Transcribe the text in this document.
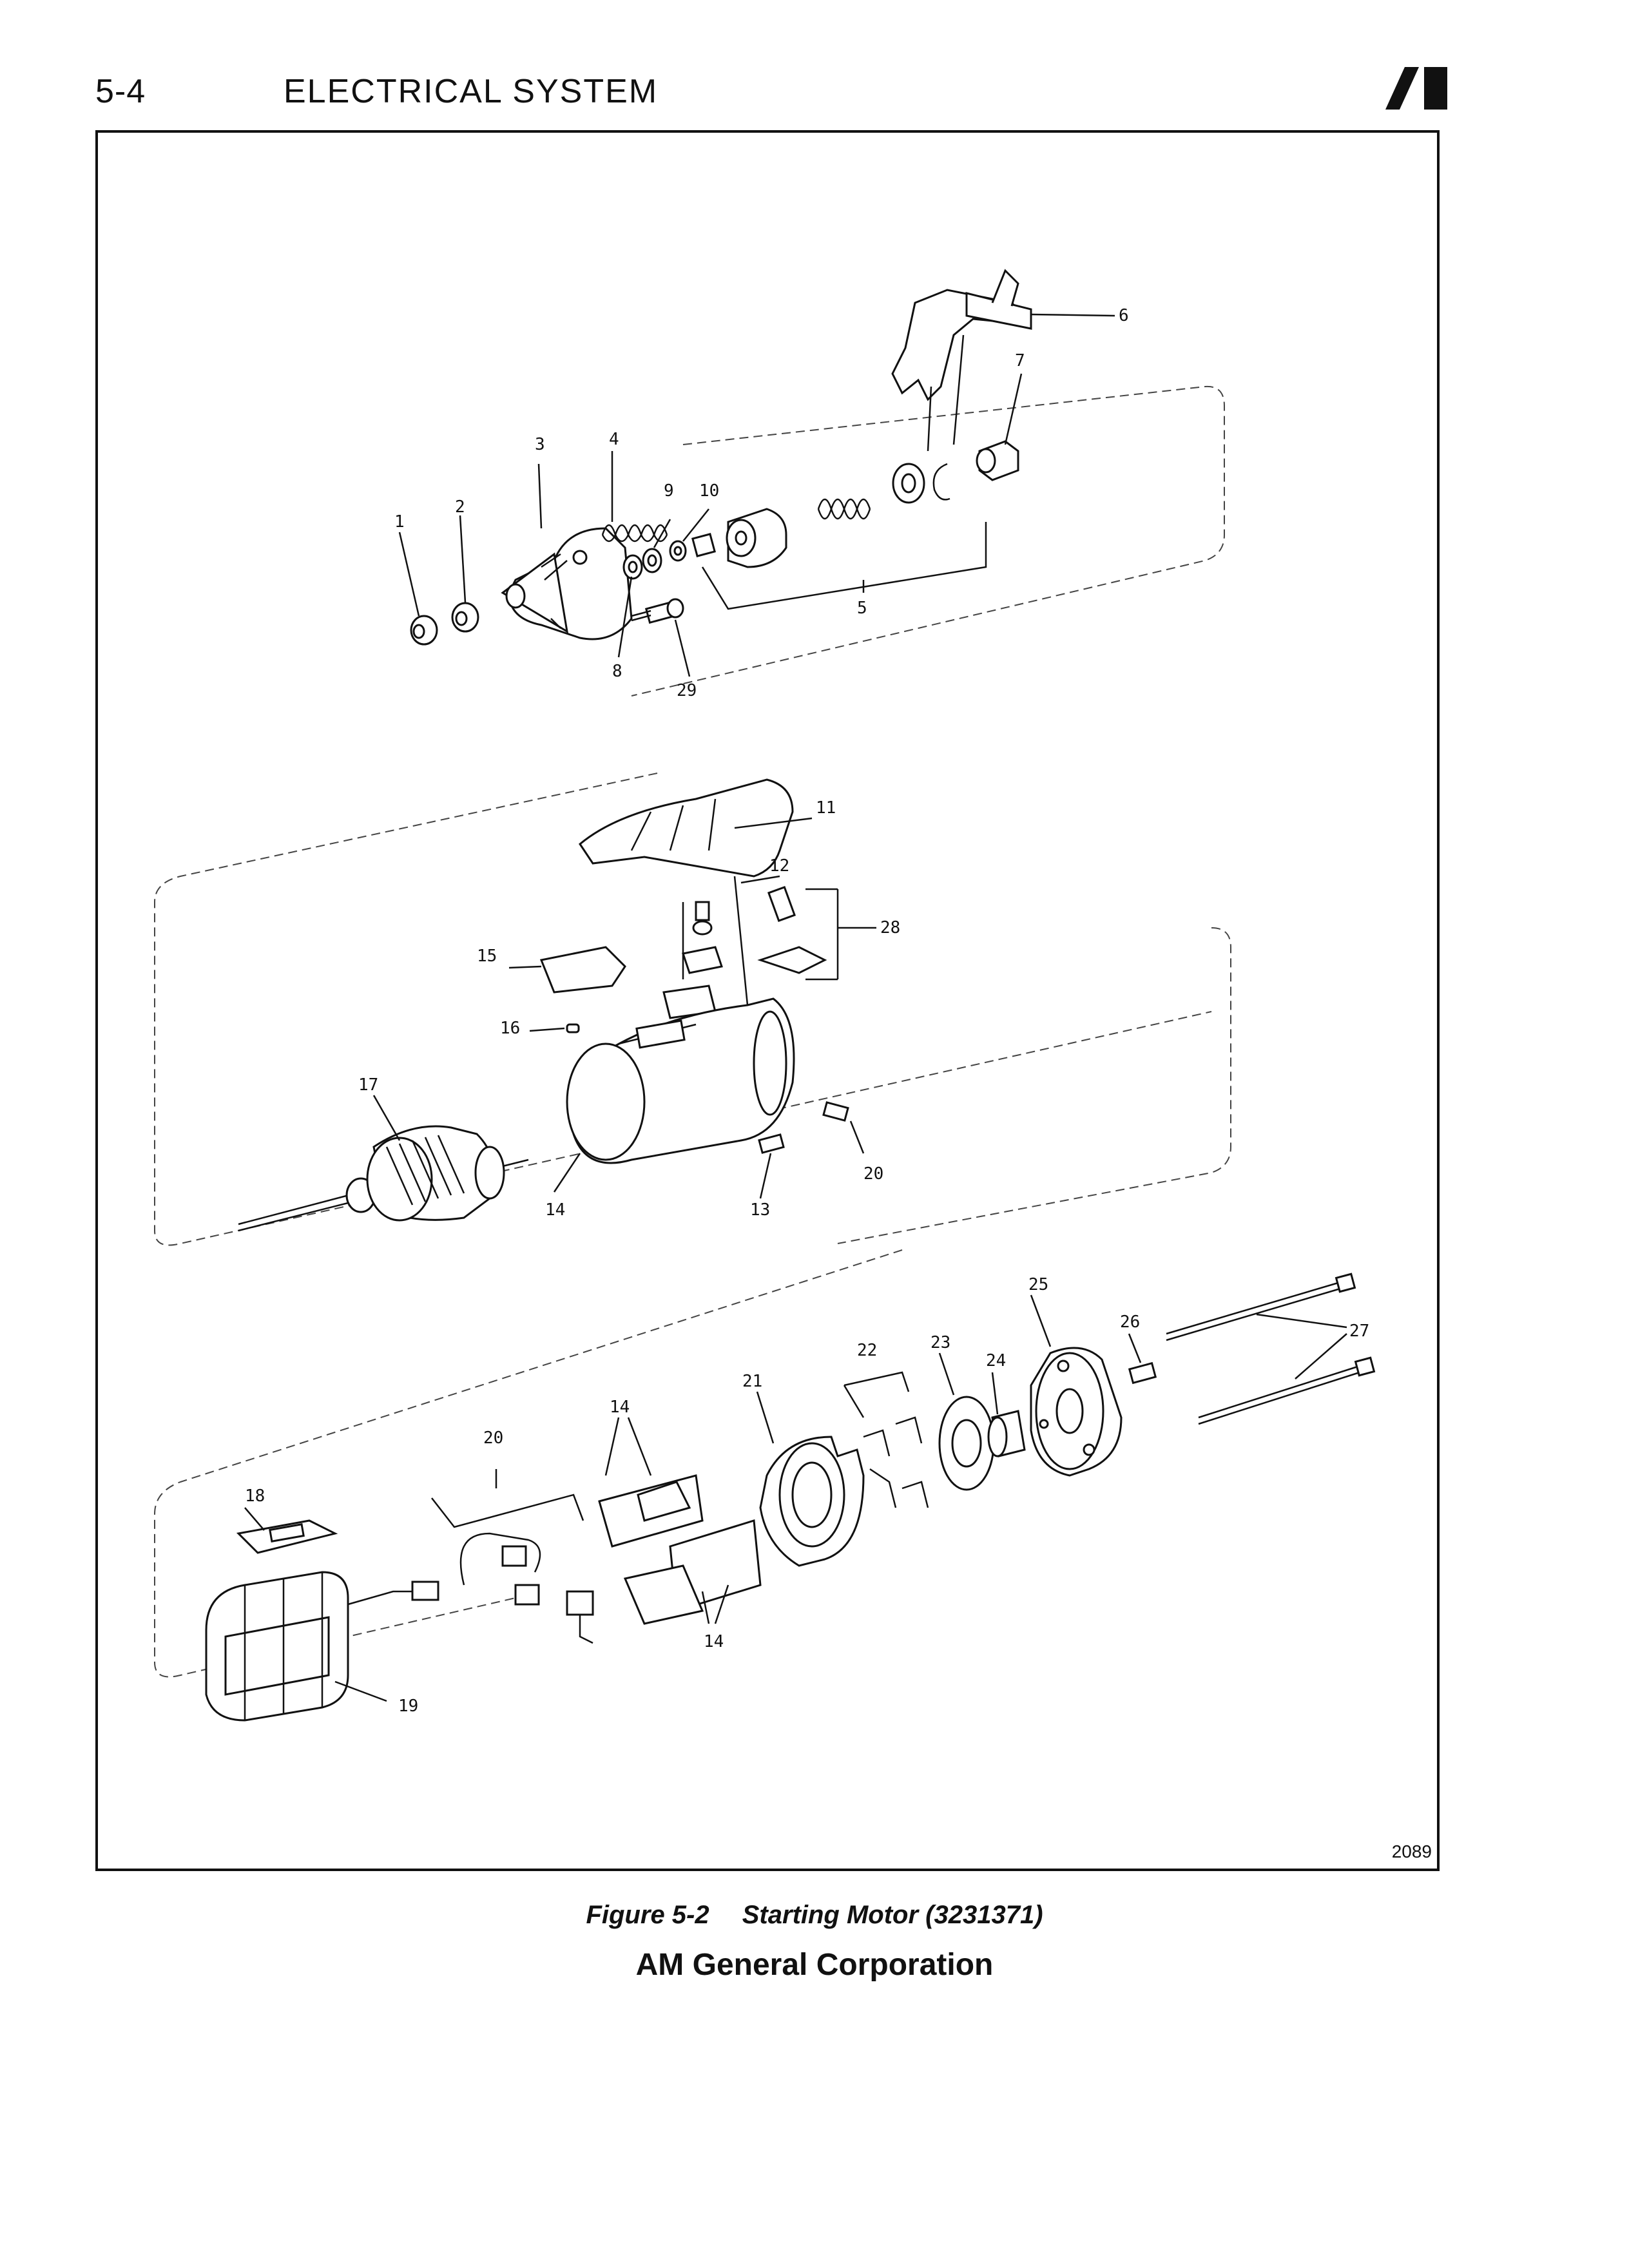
5-4	ELECTRICAL SYSTEM
1
2
3	4
9 10
8
29
5
6
7
11
12
28
15
16
17
14	13
20
25
26	27
23
22
24
21
14
20
18
14
19
2089
Figure 5-2 Starting Motor (3231371)
AM General Corporation
